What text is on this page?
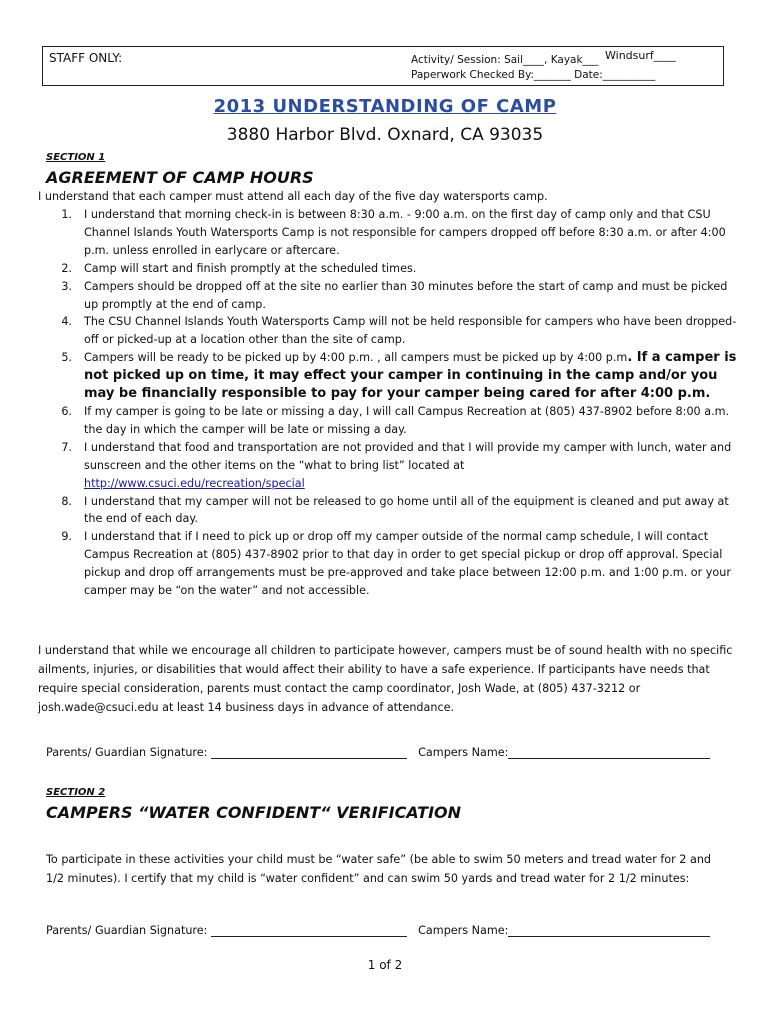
STAFF ONLY:	Activity/ Session: Sail____, Kayak___ Windsurf____
Paperwork Checked By:_______ Date:__________
2013 UNDERSTANDING OF CAMP
3880 Harbor Blvd. Oxnard, CA 93035
SECTION 1
AGREEMENT OF CAMP HOURS
I understand that each camper must attend all each day of the five day watersports camp.
1. I understand that morning check-in is between 8:30 a.m. - 9:00 a.m. on the first day of camp only and that CSU Channel Islands Youth Watersports Camp is not responsible for campers dropped off before 8:30 a.m. or after 4:00 p.m. unless enrolled in earlycare or aftercare.
2. Camp will start and finish promptly at the scheduled times.
3. Campers should be dropped off at the site no earlier than 30 minutes before the start of camp and must be picked up promptly at the end of camp.
4. The CSU Channel Islands Youth Watersports Camp will not be held responsible for campers who have been dropped-off or picked-up at a location other than the site of camp.
5. Campers will be ready to be picked up by 4:00 p.m. , all campers must be picked up by 4:00 p.m. If a camper is not picked up on time, it may effect your camper in continuing in the camp and/or you may be financially responsible to pay for your camper being cared for after 4:00 p.m.
6. If my camper is going to be late or missing a day, I will call Campus Recreation at (805) 437-8902 before 8:00 a.m. the day in which the camper will be late or missing a day.
7. I understand that food and transportation are not provided and that I will provide my camper with lunch, water and sunscreen and the other items on the “what to bring list” located at
http://www.csuci.edu/recreation/special
8. I understand that my camper will not be released to go home until all of the equipment is cleaned and put away at the end of each day.
9. I understand that if I need to pick up or drop off my camper outside of the normal camp schedule, I will contact Campus Recreation at (805) 437-8902 prior to that day in order to get special pickup or drop off approval. Special pickup and drop off arrangements must be pre-approved and take place between 12:00 p.m. and 1:00 p.m. or your camper may be “on the water” and not accessible.
I understand that while we encourage all children to participate however, campers must be of sound health with no specific ailments, injuries, or disabilities that would affect their ability to have a safe experience. If participants have needs that require special consideration, parents must contact the camp coordinator, Josh Wade, at (805) 437-3212 or josh.wade@csuci.edu at least 14 business days in advance of attendance.
Parents/ Guardian Signature:	Campers Name:
SECTION 2
CAMPERS “WATER CONFIDENT“ VERIFICATION
To participate in these activities your child must be “water safe” (be able to swim 50 meters and tread water for 2 and 1/2 minutes). I certify that my child is “water confident” and can swim 50 yards and tread water for 2 1/2 minutes:
Parents/ Guardian Signature:	Campers Name:
1 of 2
